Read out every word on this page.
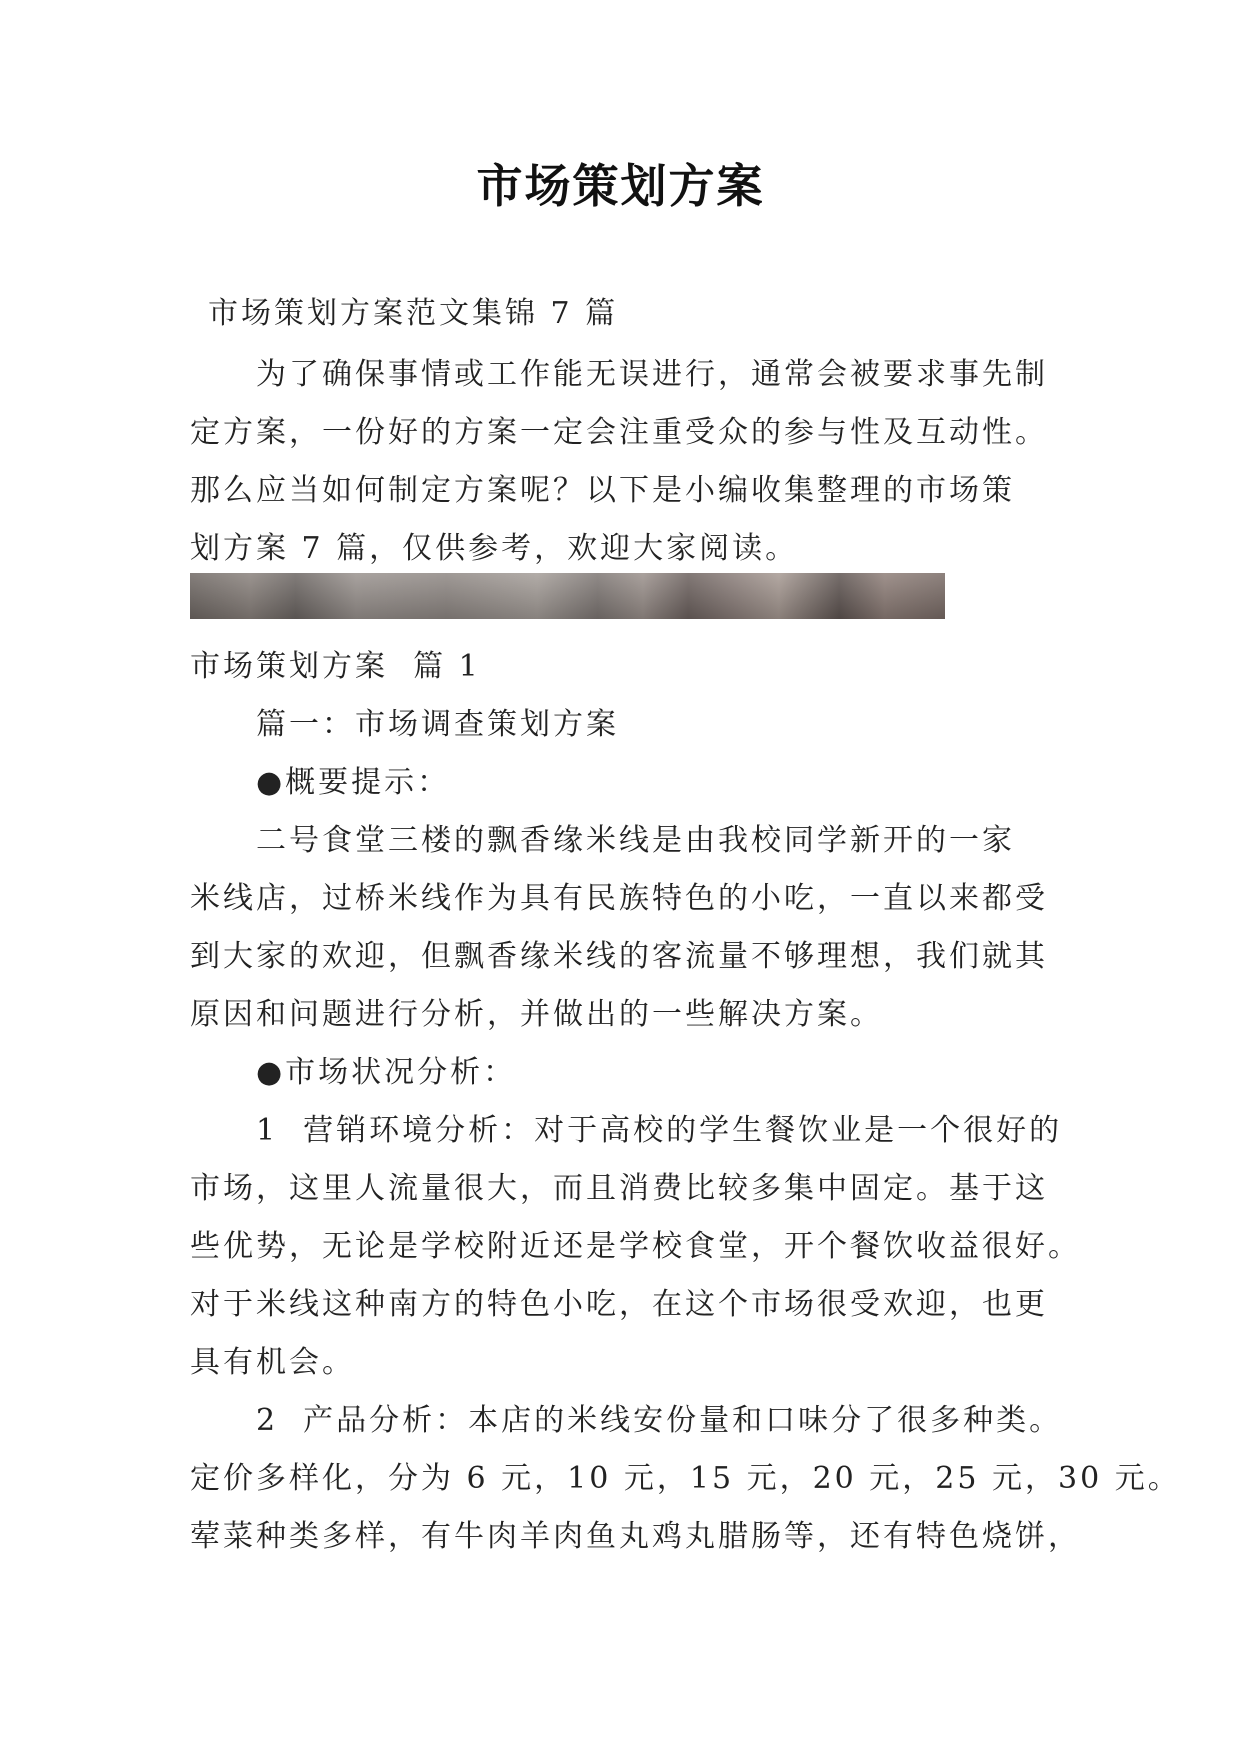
市场策划方案
市场策划方案范文集锦 7 篇

为了确保事情或工作能无误进行，通常会被要求事先制

定方案，一份好的方案一定会注重受众的参与性及互动性。

那么应当如何制定方案呢？以下是小编收集整理的市场策

划方案 7 篇，仅供参考，欢迎大家阅读。

市场策划方案  篇 1

篇一：市场调查策划方案

●概要提示：

二号食堂三楼的飘香缘米线是由我校同学新开的一家

米线店，过桥米线作为具有民族特色的小吃，一直以来都受

到大家的欢迎，但飘香缘米线的客流量不够理想，我们就其

原因和问题进行分析，并做出的一些解决方案。

●市场状况分析：

1  营销环境分析：对于高校的学生餐饮业是一个很好的

市场，这里人流量很大，而且消费比较多集中固定。基于这

些优势，无论是学校附近还是学校食堂，开个餐饮收益很好。

对于米线这种南方的特色小吃，在这个市场很受欢迎，也更

具有机会。

2  产品分析：本店的米线安份量和口味分了很多种类。

定价多样化，分为 6 元，10 元，15 元，20 元，25 元，30 元。

荤菜种类多样，有牛肉羊肉鱼丸鸡丸腊肠等，还有特色烧饼，
